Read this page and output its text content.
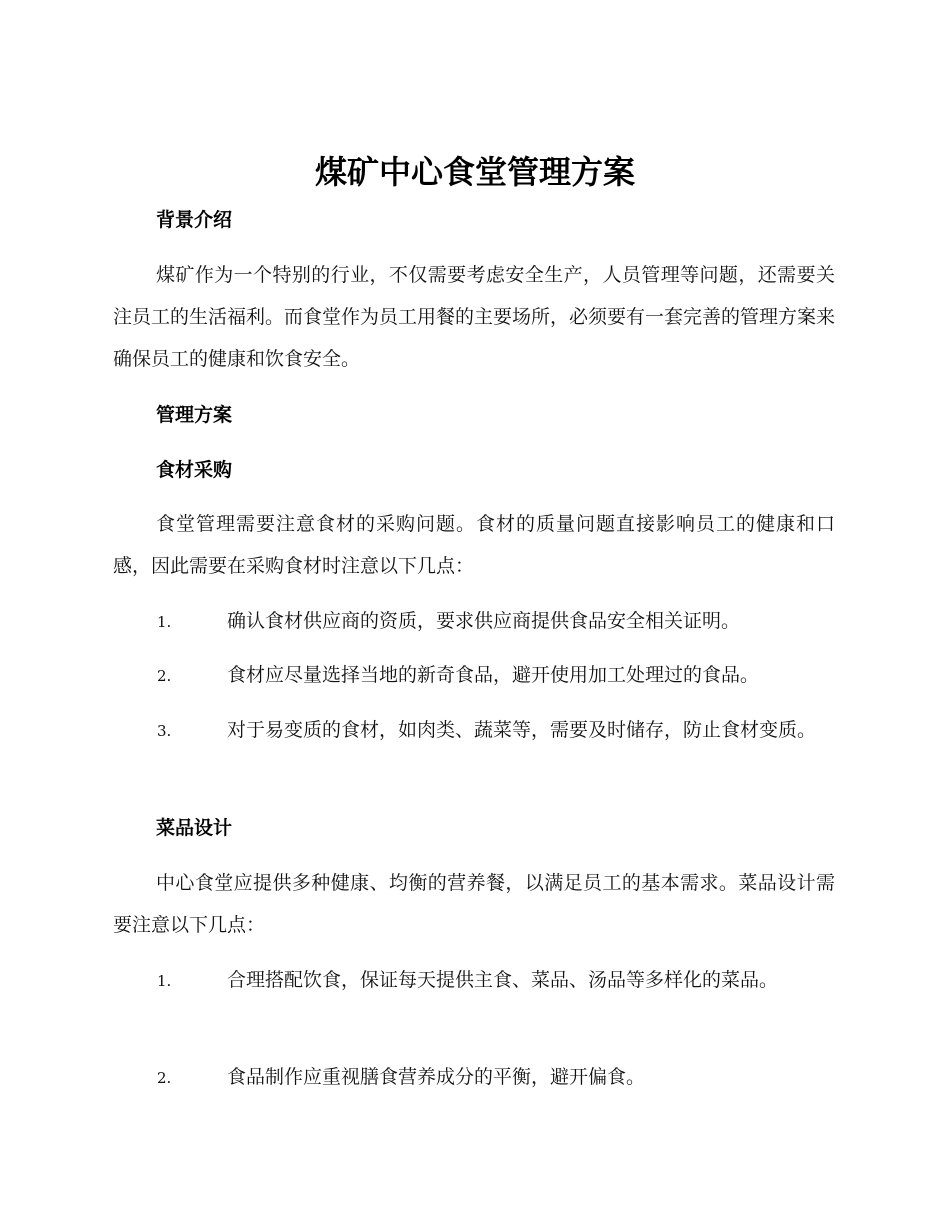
煤矿中心食堂管理方案
背景介绍

煤矿作为一个特别的行业，不仅需要考虑安全生产，人员管理等问题，还需要关注员工的生活福利。而食堂作为员工用餐的主要场所，必须要有一套完善的管理方案来确保员工的健康和饮食安全。

管理方案
食材采购

食堂管理需要注意食材的采购问题。食材的质量问题直接影响员工的健康和口感，因此需要在采购食材时注意以下几点：

1.	确认食材供应商的资质，要求供应商提供食品安全相关证明。

2.	食材应尽量选择当地的新奇食品，避开使用加工处理过的食品。

3.	对于易变质的食材，如肉类、蔬菜等，需要及时储存，防止食材变质。

菜品设计

中心食堂应提供多种健康、均衡的营养餐，以满足员工的基本需求。菜品设计需要注意以下几点：

1.	合理搭配饮食，保证每天提供主食、菜品、汤品等多样化的菜品。

2.	食品制作应重视膳食营养成分的平衡，避开偏食。
